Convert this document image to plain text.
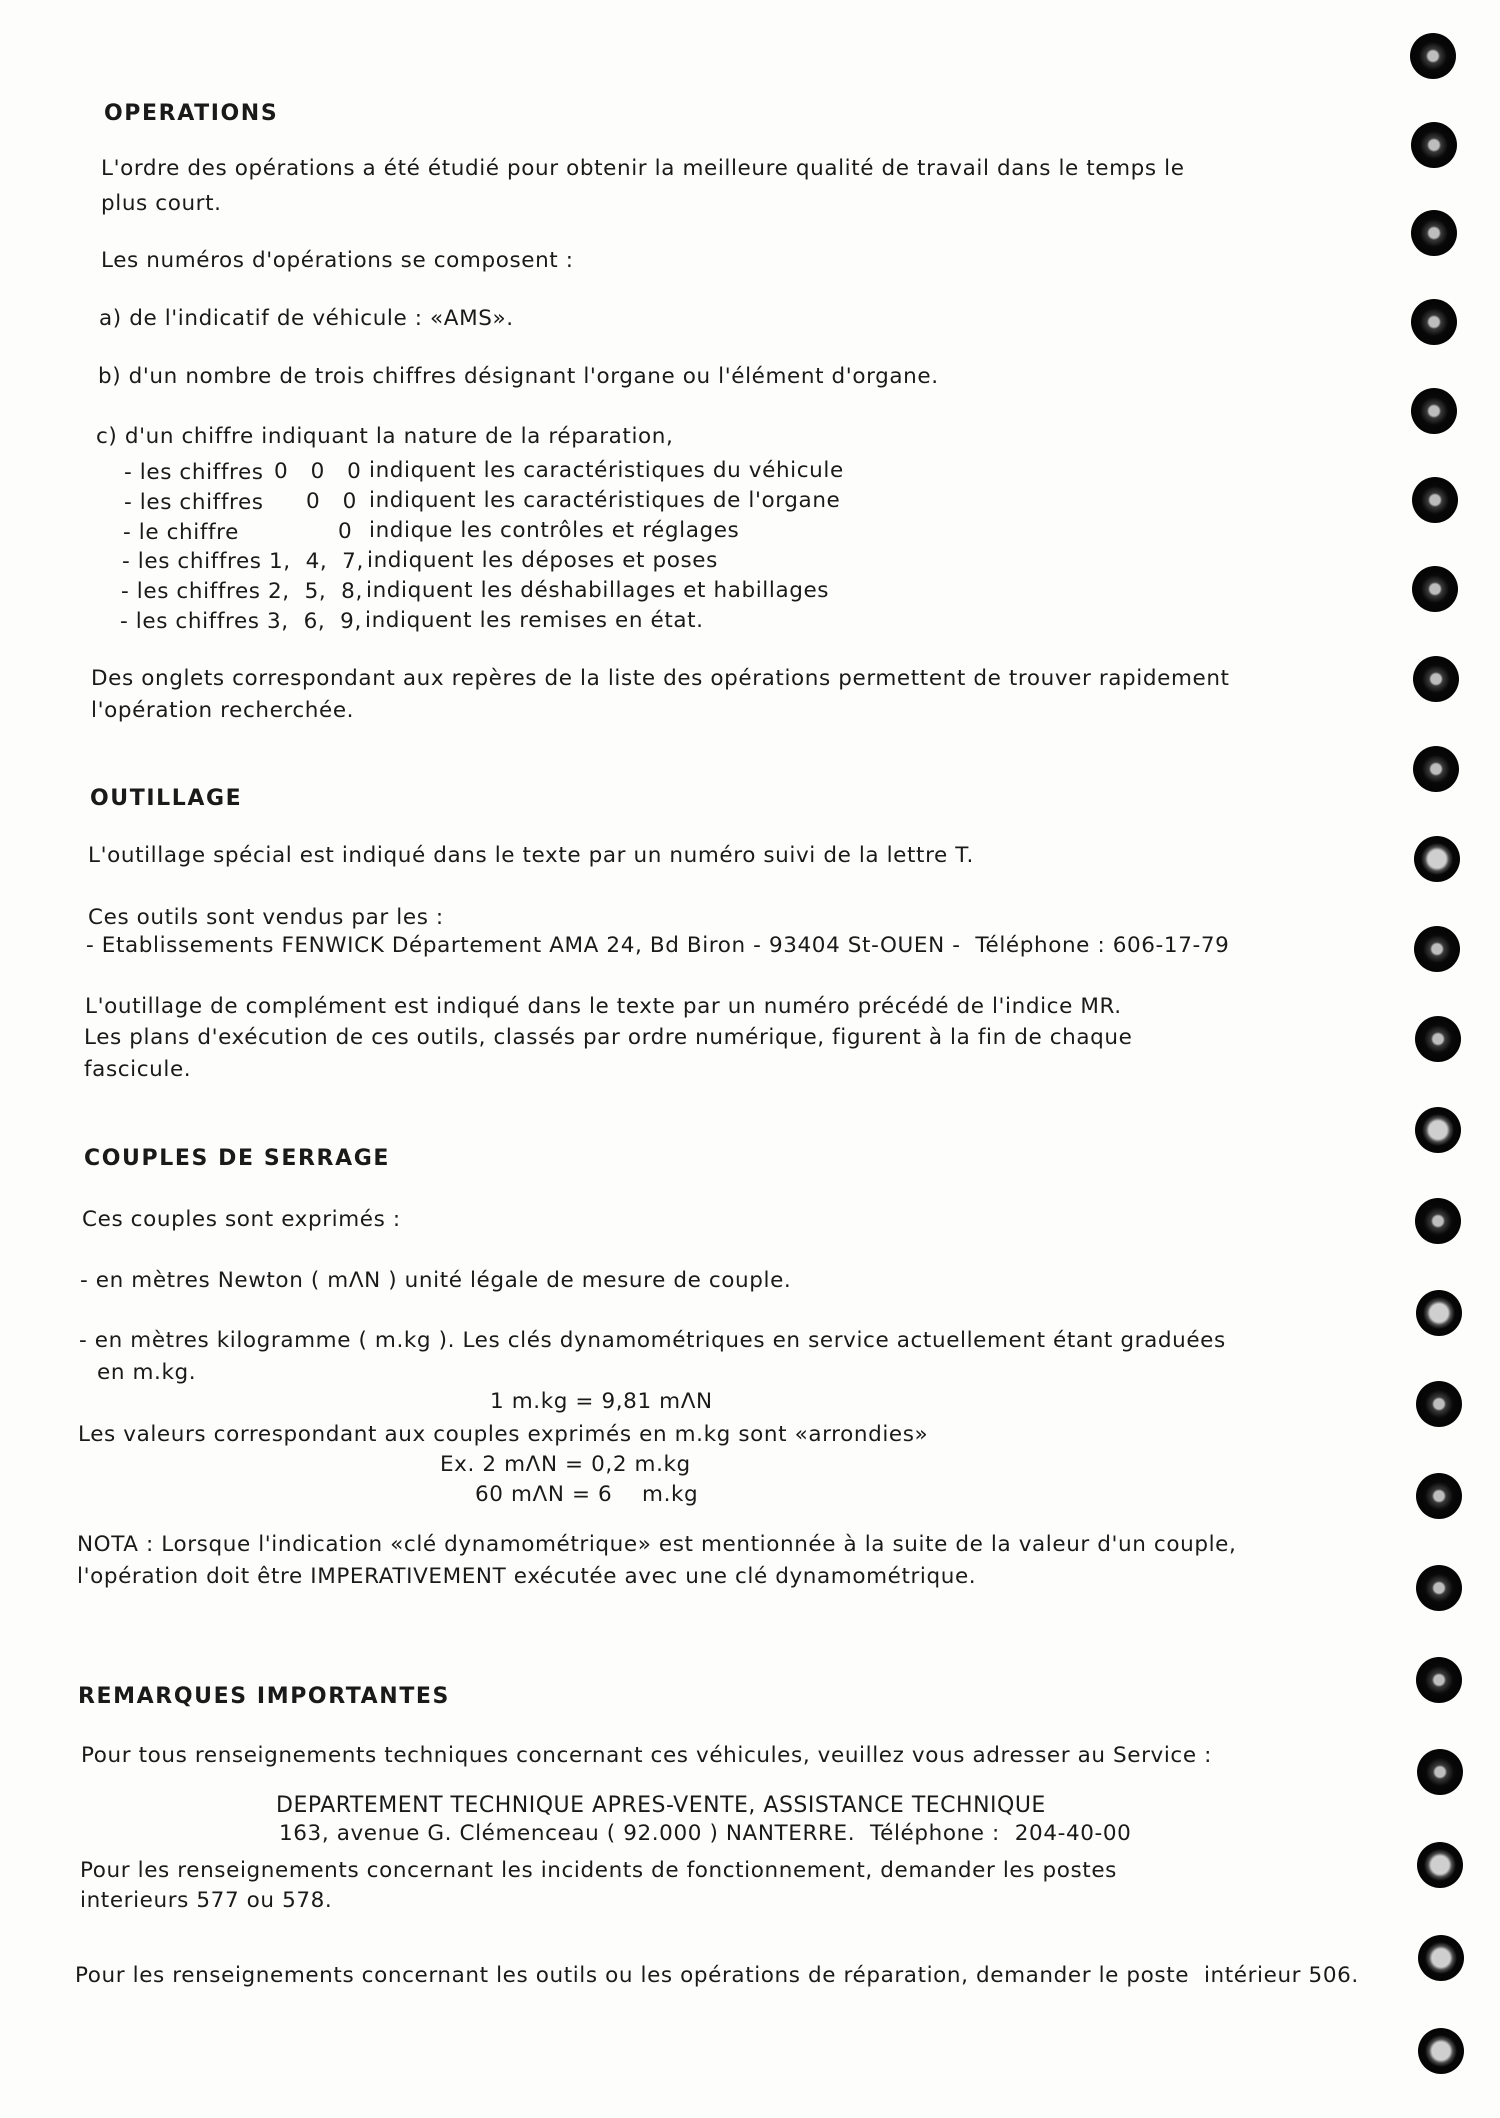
OPERATIONS
L'ordre des opérations a été étudié pour obtenir la meilleure qualité de travail dans le temps le
plus court.
Les numéros d'opérations se composent :
a) de l'indicatif de véhicule : «AMS».
b) d'un nombre de trois chiffres désignant l'organe ou l'élément d'organe.
c) d'un chiffre indiquant la nature de la réparation,
- les chiffres 0   0   0 indiquent les caractéristiques du véhicule
- les chiffres 0   0 indiquent les caractéristiques de l'organe
- le chiffre	0 indique les contrôles et réglages
- les chiffres 1,  4,  7, indiquent les déposes et poses
- les chiffres 2,  5,  8, indiquent les déshabillages et habillages
- les chiffres 3,  6,  9, indiquent les remises en état.
Des onglets correspondant aux repères de la liste des opérations permettent de trouver rapidement
l'opération recherchée.
OUTILLAGE
L'outillage spécial est indiqué dans le texte par un numéro suivi de la lettre T.
Ces outils sont vendus par les :
- Etablissements FENWICK Département AMA 24, Bd Biron - 93404 St-OUEN -  Téléphone : 606-17-79
L'outillage de complément est indiqué dans le texte par un numéro précédé de l'indice MR.
Les plans d'exécution de ces outils, classés par ordre numérique, figurent à la fin de chaque
fascicule.
COUPLES DE SERRAGE
Ces couples sont exprimés :
- en mètres Newton ( mΛN ) unité légale de mesure de couple.
- en mètres kilogramme ( m.kg ). Les clés dynamométriques en service actuellement étant graduées
en m.kg.
1 m.kg = 9,81 mΛN
Les valeurs correspondant aux couples exprimés en m.kg sont «arrondies»
Ex. 2 mΛN = 0,2 m.kg
60 mΛN = 6    m.kg
NOTA : Lorsque l'indication «clé dynamométrique» est mentionnée à la suite de la valeur d'un couple,
l'opération doit être IMPERATIVEMENT exécutée avec une clé dynamométrique.
REMARQUES IMPORTANTES
Pour tous renseignements techniques concernant ces véhicules, veuillez vous adresser au Service :
DEPARTEMENT TECHNIQUE APRES-VENTE, ASSISTANCE TECHNIQUE
163, avenue G. Clémenceau ( 92.000 ) NANTERRE.  Téléphone :  204-40-00
Pour les renseignements concernant les incidents de fonctionnement, demander les postes
interieurs 577 ou 578.
Pour les renseignements concernant les outils ou les opérations de réparation, demander le poste  intérieur 506.
